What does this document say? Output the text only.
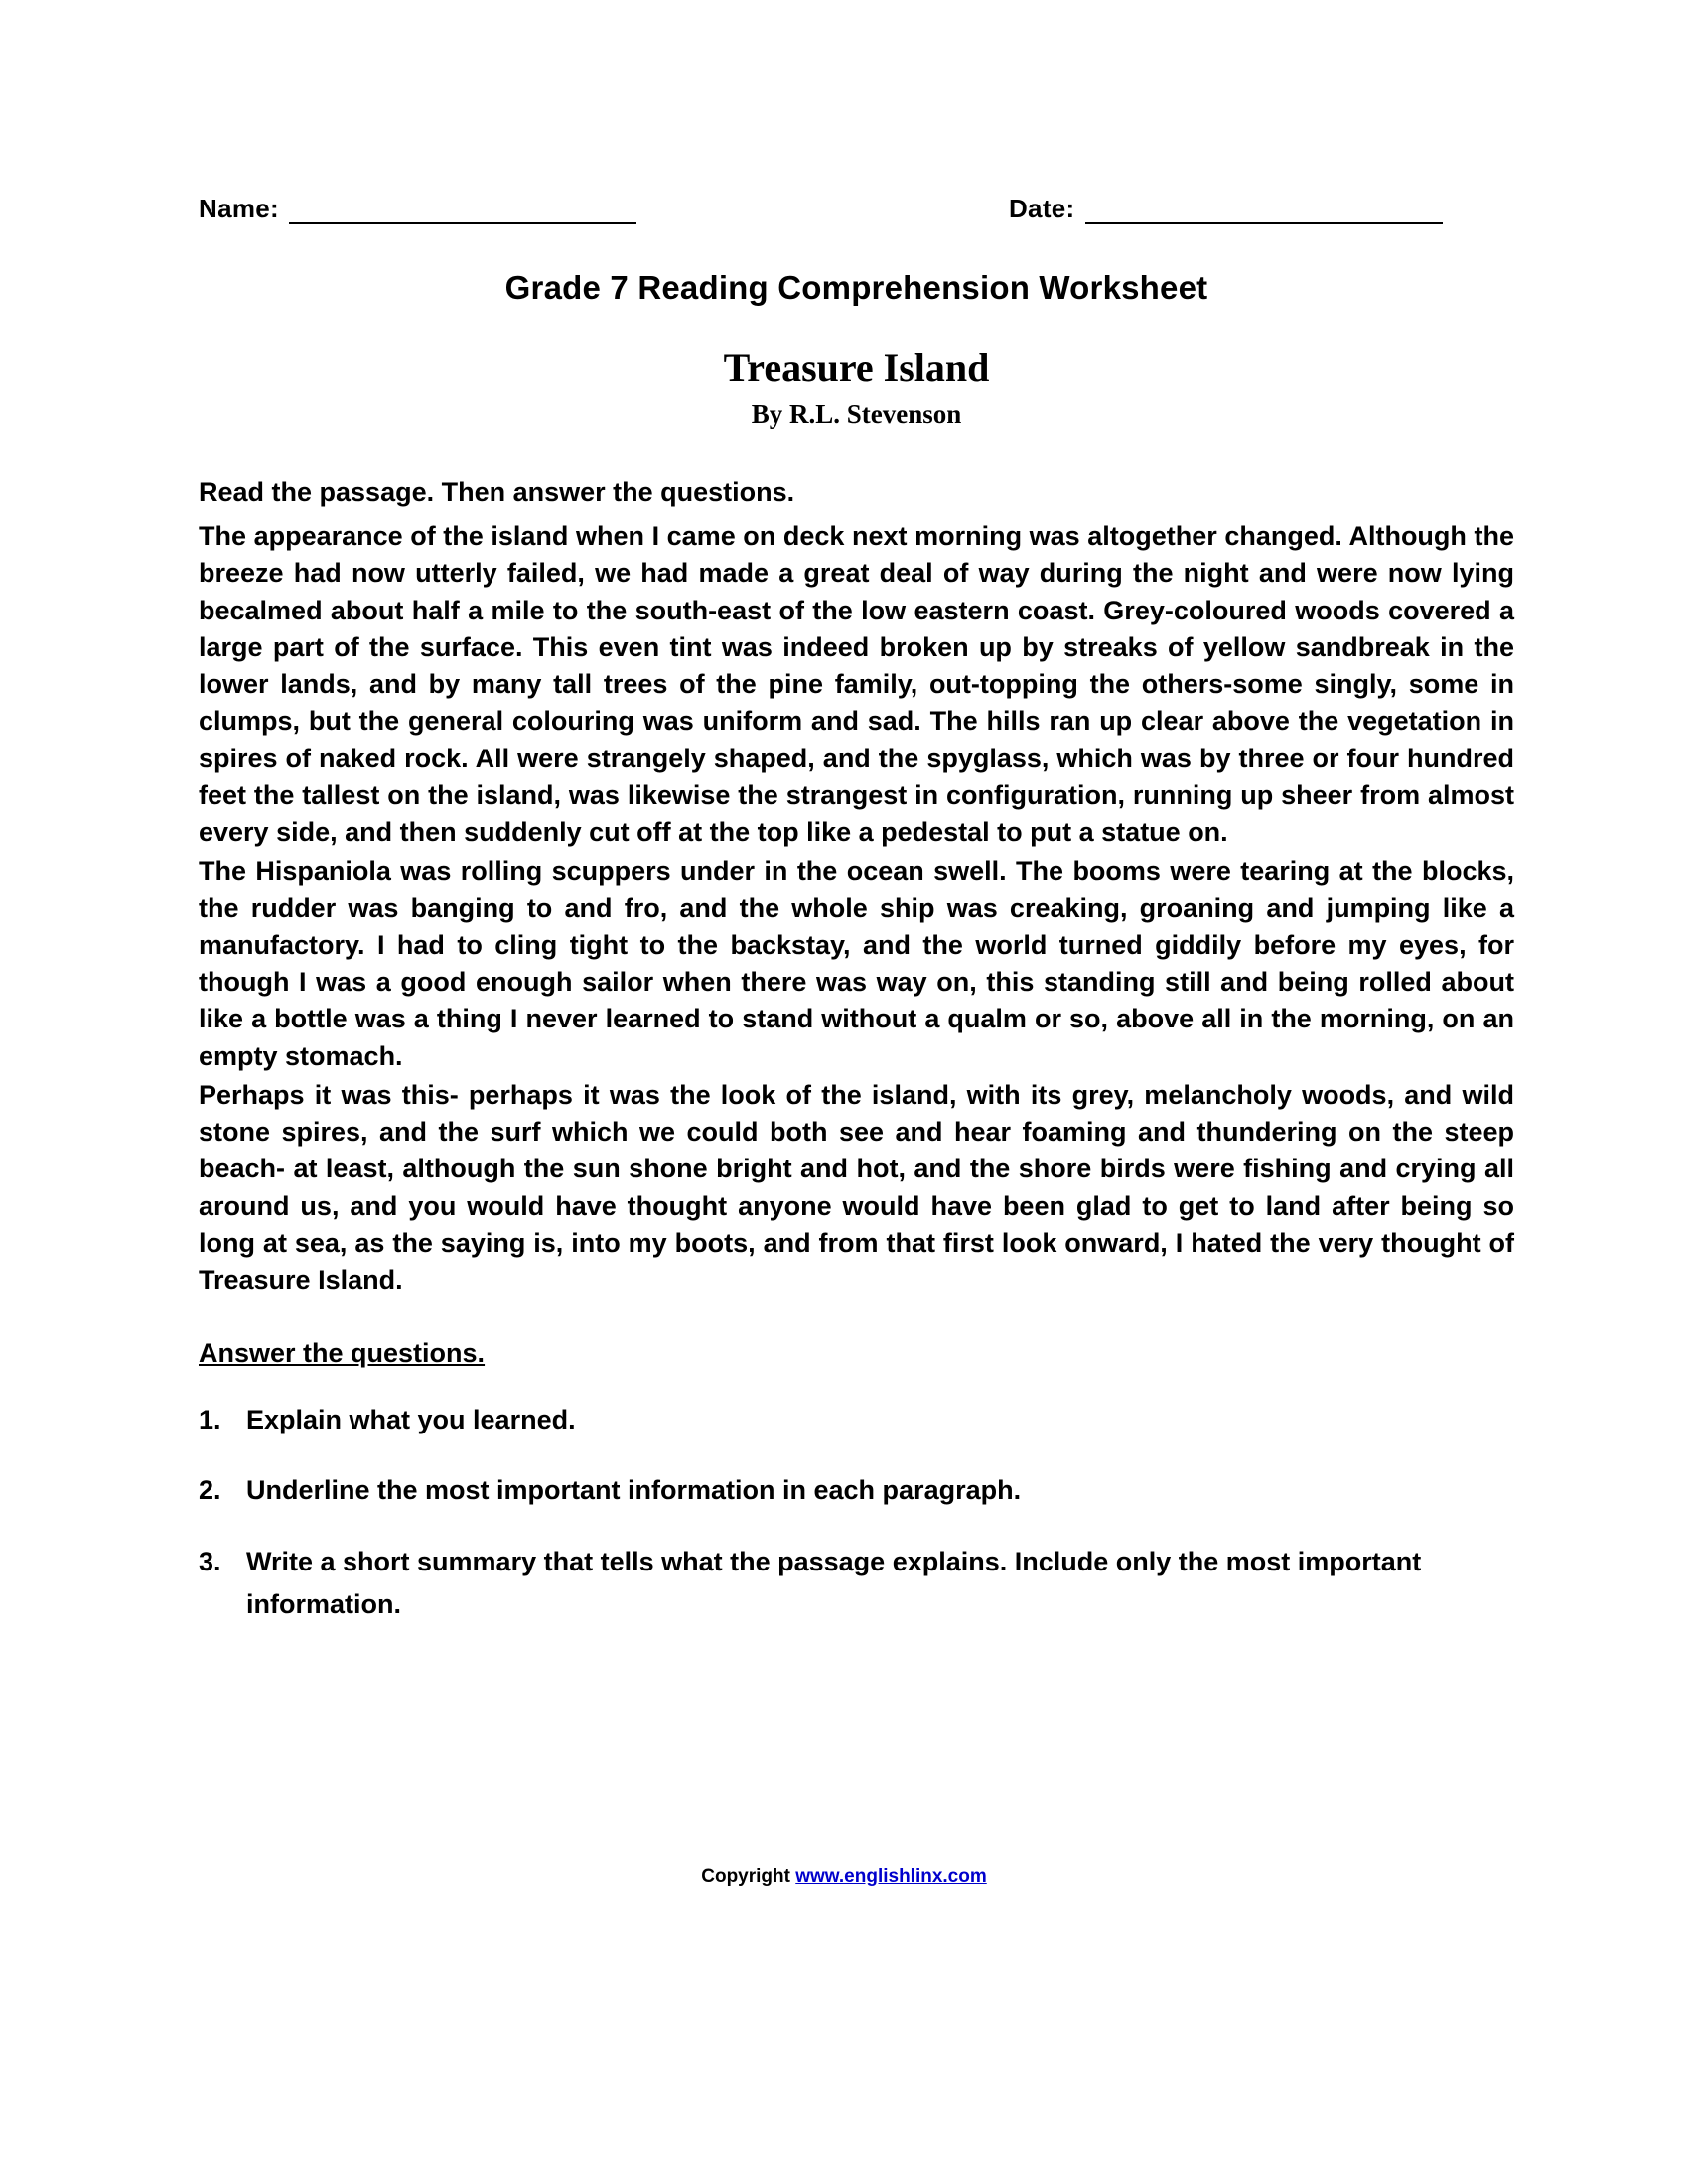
Name:	Date:
Grade 7 Reading Comprehension Worksheet
Treasure Island
By R.L. Stevenson
Read the passage. Then answer the questions.

The appearance of the island when I came on deck next morning was altogether changed. Although the breeze had now utterly failed, we had made a great deal of way during the night and were now lying becalmed about half a mile to the south-east of the low eastern coast. Grey-coloured woods covered a large part of the surface. This even tint was indeed broken up by streaks of yellow sandbreak in the lower lands, and by many tall trees of the pine family, out-topping the others-some singly, some in clumps, but the general colouring was uniform and sad. The hills ran up clear above the vegetation in spires of naked rock. All were strangely shaped, and the spyglass, which was by three or four hundred feet the tallest on the island, was likewise the strangest in configuration, running up sheer from almost every side, and then suddenly cut off at the top like a pedestal to put a statue on.

The Hispaniola was rolling scuppers under in the ocean swell. The booms were tearing at the blocks, the rudder was banging to and fro, and the whole ship was creaking, groaning and jumping like a manufactory. I had to cling tight to the backstay, and the world turned giddily before my eyes, for though I was a good enough sailor when there was way on, this standing still and being rolled about like a bottle was a thing I never learned to stand without a qualm or so, above all in the morning, on an empty stomach.

Perhaps it was this- perhaps it was the look of the island, with its grey, melancholy woods, and wild stone spires, and the surf which we could both see and hear foaming and thundering on the steep beach- at least, although the sun shone bright and hot, and the shore birds were fishing and crying all around us, and you would have thought anyone would have been glad to get to land after being so long at sea, as the saying is, into my boots, and from that first look onward, I hated the very thought of Treasure Island.

Answer the questions.
1. Explain what you learned.
2. Underline the most important information in each paragraph.
3. Write a short summary that tells what the passage explains. Include only the most important information.
Copyright www.englishlinx.com
